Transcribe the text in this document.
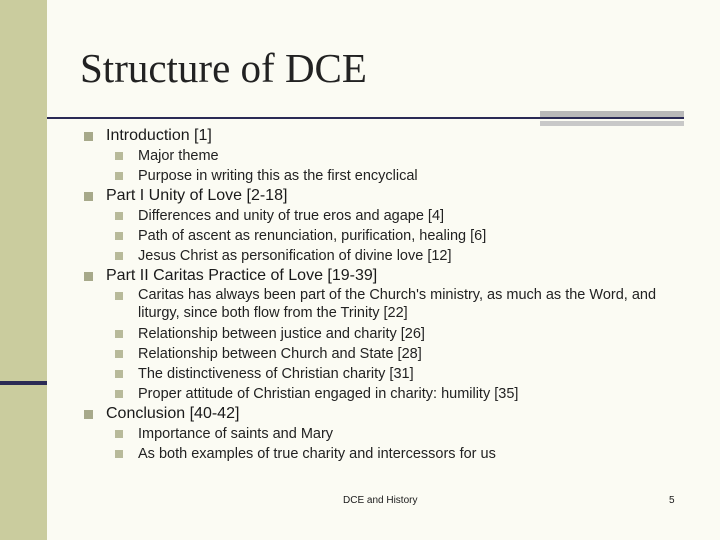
Structure of DCE
Introduction [1]
Major theme
Purpose in writing this as the first encyclical
Part I Unity of Love [2-18]
Differences and unity of true eros and agape [4]
Path of ascent as renunciation, purification, healing [6]
Jesus Christ as personification of divine love [12]
Part II Caritas Practice of Love [19-39]
Caritas has always been part of the Church's ministry, as much as the Word, and liturgy, since both flow from the Trinity [22]
Relationship between justice and charity [26]
Relationship between Church and State [28]
The distinctiveness of Christian charity [31]
Proper attitude of Christian engaged in charity: humility [35]
Conclusion [40-42]
Importance of saints and Mary
As both examples of true charity and intercessors for us
DCE and History	5
